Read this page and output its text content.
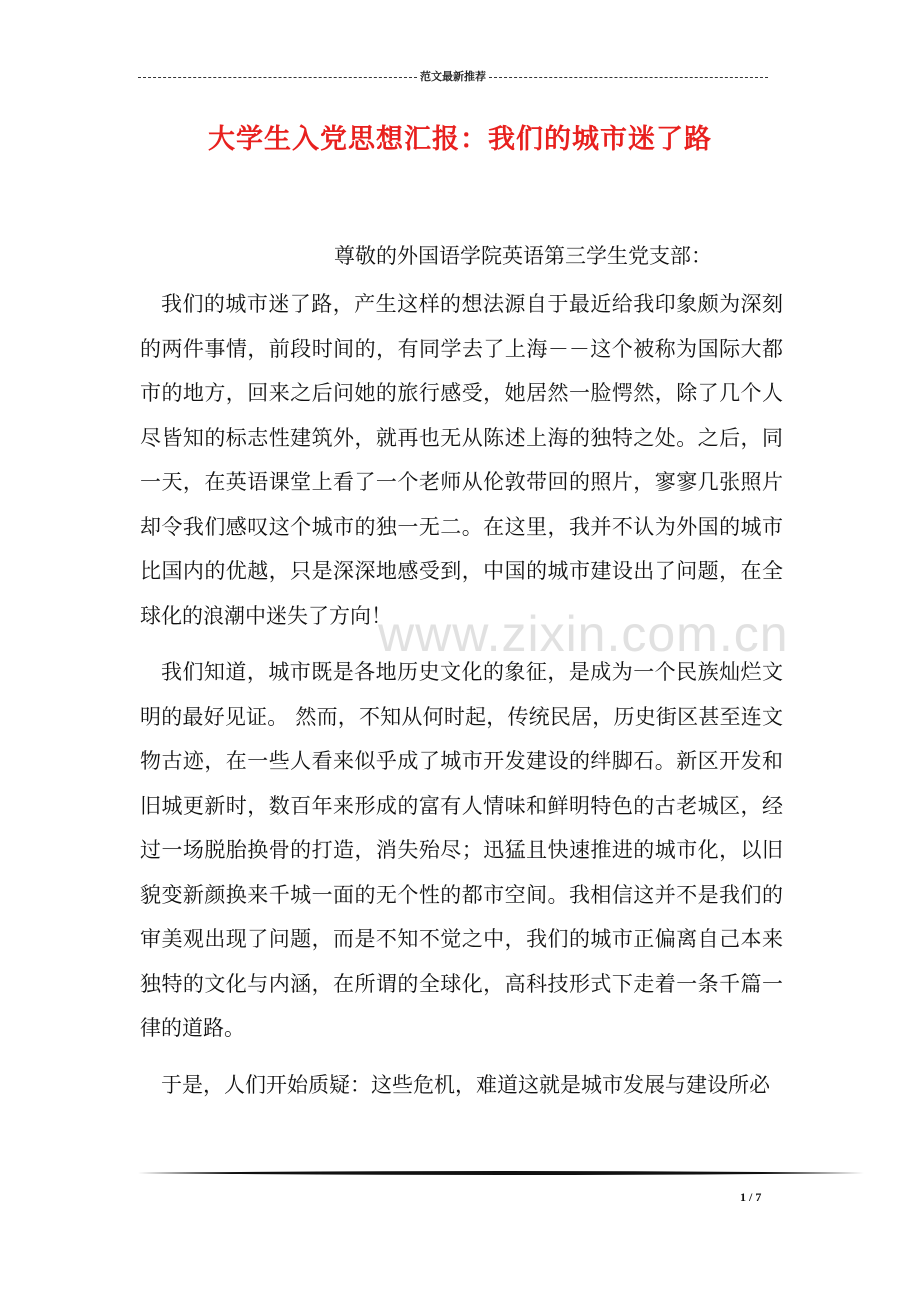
范文最新推荐
大学生入党思想汇报：我们的城市迷了路

尊敬的外国语学院英语第三学生党支部：

我们的城市迷了路，产生这样的想法源自于最近给我印象颇为深刻的两件事情，前段时间的，有同学去了上海－－这个被称为国际大都市的地方，回来之后问她的旅行感受，她居然一脸愕然，除了几个人尽皆知的标志性建筑外，就再也无从陈述上海的独特之处。之后，同一天，在英语课堂上看了一个老师从伦敦带回的照片，寥寥几张照片却令我们感叹这个城市的独一无二。在这里，我并不认为外国的城市比国内的优越，只是深深地感受到，中国的城市建设出了问题，在全球化的浪潮中迷失了方向！

我们知道，城市既是各地历史文化的象征，是成为一个民族灿烂文明的最好见证。 然而，不知从何时起，传统民居，历史街区甚至连文物古迹，在一些人看来似乎成了城市开发建设的绊脚石。新区开发和旧城更新时，数百年来形成的富有人情味和鲜明特色的古老城区，经过一场脱胎换骨的打造，消失殆尽；迅猛且快速推进的城市化，以旧貌变新颜换来千城一面的无个性的都市空间。我相信这并不是我们的审美观出现了问题，而是不知不觉之中，我们的城市正偏离自己本来独特的文化与内涵，在所谓的全球化，高科技形式下走着一条千篇一律的道路。

于是，人们开始质疑：这些危机，难道这就是城市发展与建设所必

www.zixin.com.cn
1 / 7
